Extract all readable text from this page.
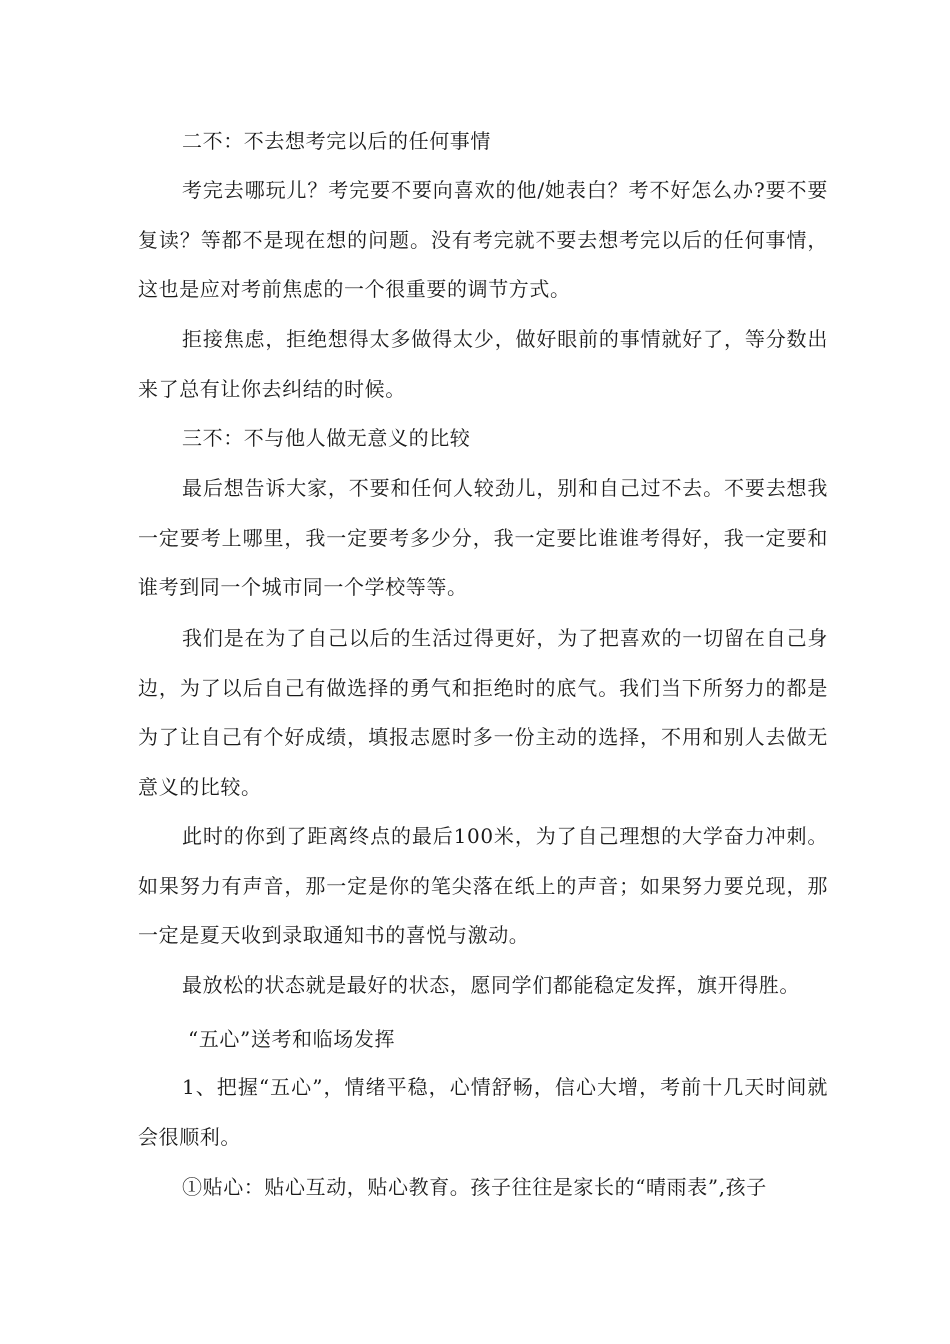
二不：不去想考完以后的任何事情

考完去哪玩儿？考完要不要向喜欢的他/她表白？考不好怎么办?要不要复读？等都不是现在想的问题。没有考完就不要去想考完以后的任何事情，这也是应对考前焦虑的一个很重要的调节方式。

拒接焦虑，拒绝想得太多做得太少，做好眼前的事情就好了，等分数出来了总有让你去纠结的时候。

三不：不与他人做无意义的比较

最后想告诉大家，不要和任何人较劲儿，别和自己过不去。不要去想我一定要考上哪里，我一定要考多少分，我一定要比谁谁考得好，我一定要和谁考到同一个城市同一个学校等等。

我们是在为了自己以后的生活过得更好，为了把喜欢的一切留在自己身边，为了以后自己有做选择的勇气和拒绝时的底气。我们当下所努力的都是为了让自己有个好成绩，填报志愿时多一份主动的选择，不用和别人去做无意义的比较。

此时的你到了距离终点的最后100米，为了自己理想的大学奋力冲刺。如果努力有声音，那一定是你的笔尖落在纸上的声音；如果努力要兑现，那一定是夏天收到录取通知书的喜悦与激动。

最放松的状态就是最好的状态，愿同学们都能稳定发挥，旗开得胜。

“五心”送考和临场发挥

1、把握“五心”，情绪平稳，心情舒畅，信心大增，考前十几天时间就会很顺利。

①贴心：贴心互动，贴心教育。孩子往往是家长的“晴雨表”,孩子
